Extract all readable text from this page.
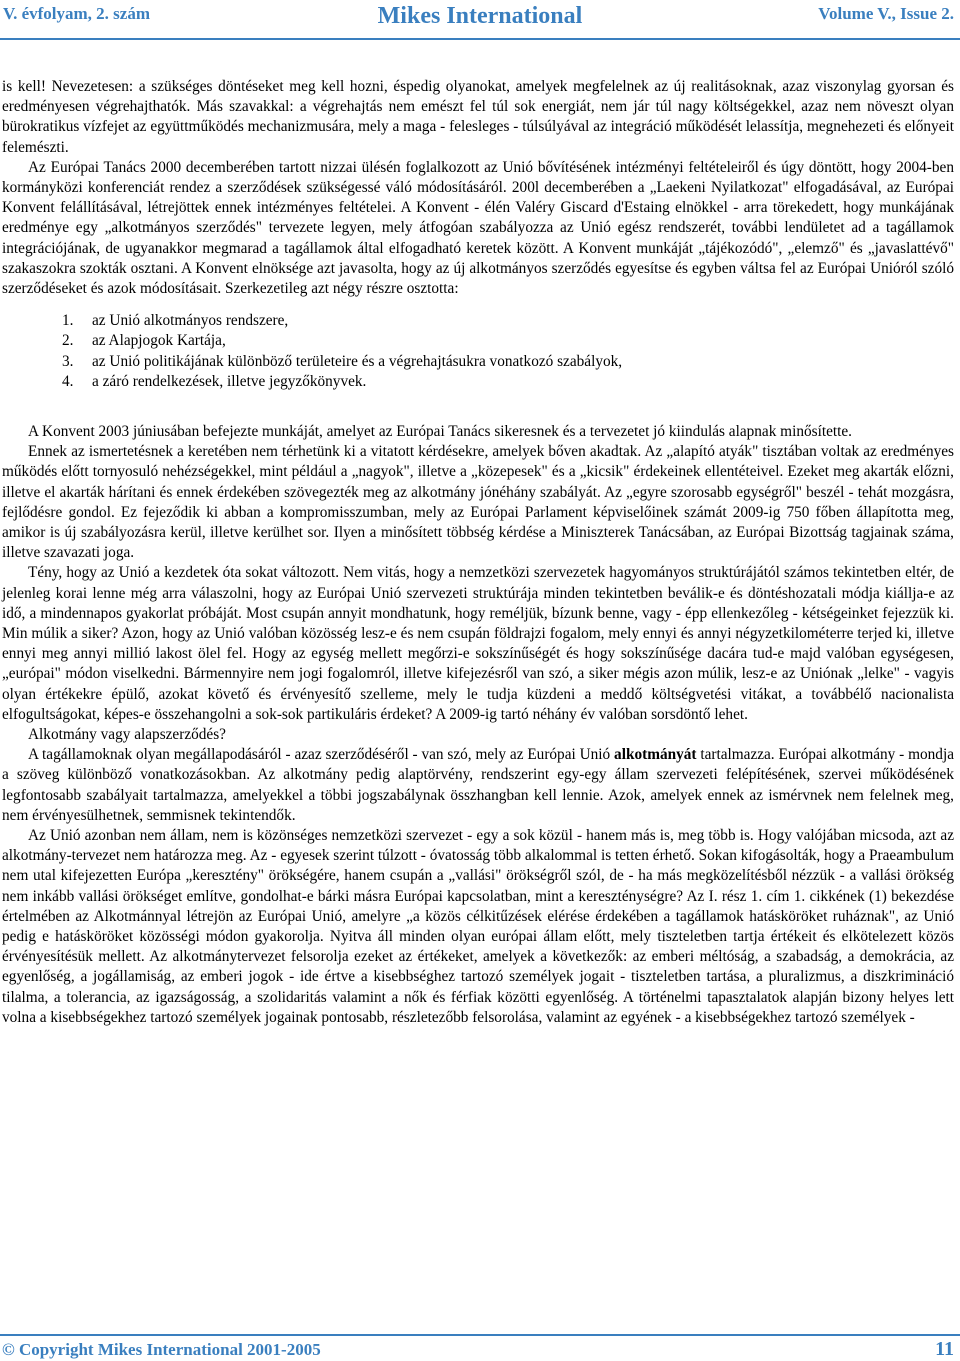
V. évfolyam, 2. szám	Mikes International	Volume V., Issue 2.

is kell! Nevezetesen: a szükséges döntéseket meg kell hozni, éspedig olyanokat, amelyek megfelelnek az új realitásoknak, azaz viszonylag gyorsan és eredményesen végrehajthatók. Más szavakkal: a végrehajtás nem emészt fel túl sok energiát, nem jár túl nagy költségekkel, azaz nem növeszt olyan bürokratikus vízfejet az együttműködés mechanizmusára, mely a maga - felesleges - túlsúlyával az integráció működését lelassítja, megnehezeti és előnyeit felemészti.

Az Európai Tanács 2000 decemberében tartott nizzai ülésén foglalkozott az Unió bővítésének intézményi feltételeiről és úgy döntött, hogy 2004-ben kormányközi konferenciát rendez a szerződések szükségessé váló módosításáról. 200l decemberében a „Laekeni Nyilatkozat" elfogadásával, az Európai Konvent felállításával, létrejöttek ennek intézményes feltételei. A Konvent - élén Valéry Giscard d'Estaing elnökkel - arra törekedett, hogy munkájának eredménye egy „alkotmányos szerződés" tervezete legyen, mely átfogóan szabályozza az Unió egész rendszerét, további lendületet ad a tagállamok integrációjának, de ugyanakkor megmarad a tagállamok által elfogadható keretek között. A Konvent munkáját „tájékozódó", „elemző" és „javaslattévő" szakaszokra szokták osztani. A Konvent elnöksége azt javasolta, hogy az új alkotmányos szerződés egyesítse és egyben váltsa fel az Európai Unióról szóló szerződéseket és azok módosításait. Szerkezetileg azt négy részre osztotta:

1. az Unió alkotmányos rendszere,
2. az Alapjogok Kartája,
3. az Unió politikájának különböző területeire és a végrehajtásukra vonatkozó szabályok,
4. a záró rendelkezések, illetve jegyzőkönyvek.

A Konvent 2003 júniusában befejezte munkáját, amelyet az Európai Tanács sikeresnek és a tervezetet jó kiindulás alapnak minősítette.

Ennek az ismertetésnek a keretében nem térhetünk ki a vitatott kérdésekre, amelyek bőven akadtak. Az „alapító atyák" tisztában voltak az eredményes működés előtt tornyosuló nehézségekkel, mint például a „nagyok", illetve a „közepesek" és a „kicsik" érdekeinek ellentéteivel. Ezeket meg akarták előzni, illetve el akarták hárítani és ennek érdekében szövegezték meg az alkotmány jónéhány szabályát. Az „egyre szorosabb egységről" beszél - tehát mozgásra, fejlődésre gondol. Ez fejeződik ki abban a kompromisszumban, mely az Európai Parlament képviselőinek számát 2009-ig 750 főben állapította meg, amikor is új szabályozásra kerül, illetve kerülhet sor. Ilyen a minősített többség kérdése a Miniszterek Tanácsában, az Európai Bizottság tagjainak száma, illetve szavazati joga.

Tény, hogy az Unió a kezdetek óta sokat változott. Nem vitás, hogy a nemzetközi szervezetek hagyományos struktúrájától számos tekintetben eltér, de jelenleg korai lenne még arra válaszolni, hogy az Európai Unió szervezeti struktúrája minden tekintetben beválik-e és döntéshozatali módja kiállja-e az idő, a mindennapos gyakorlat próbáját. Most csupán annyit mondhatunk, hogy reméljük, bízunk benne, vagy - épp ellenkezőleg - kétségeinket fejezzük ki. Min múlik a siker? Azon, hogy az Unió valóban közösség lesz-e és nem csupán földrajzi fogalom, mely ennyi és annyi négyzetkilométerre terjed ki, illetve ennyi meg annyi millió lakost ölel fel. Hogy az egység mellett megőrzi-e sokszínűségét és hogy sokszínűsége dacára tud-e majd valóban egységesen, „európai" módon viselkedni. Bármennyire nem jogi fogalomról, illetve kifejezésről van szó, a siker mégis azon múlik, lesz-e az Uniónak „lelke" - vagyis olyan értékekre épülő, azokat követő és érvényesítő szelleme, mely le tudja küzdeni a meddő költségvetési vitákat, a továbbélő nacionalista elfogultságokat, képes-e összehangolni a sok-sok partikuláris érdeket? A 2009-ig tartó néhány év valóban sorsdöntő lehet.

Alkotmány vagy alapszerződés?

A tagállamoknak olyan megállapodásáról - azaz szerződéséről - van szó, mely az Európai Unió alkotmányát tartalmazza. Európai alkotmány - mondja a szöveg különböző vonatkozásokban. Az alkotmány pedig alaptörvény, rendszerint egy-egy állam szervezeti felépítésének, szervei működésének legfontosabb szabályait tartalmazza, amelyekkel a többi jogszabálynak összhangban kell lennie. Azok, amelyek ennek az ismérvnek nem felelnek meg, nem érvényesülhetnek, semmisnek tekintendők.

Az Unió azonban nem állam, nem is közönséges nemzetközi szervezet - egy a sok közül - hanem más is, meg több is. Hogy valójában micsoda, azt az alkotmány-tervezet nem határozza meg. Az - egyesek szerint túlzott - óvatosság több alkalommal is tetten érhető. Sokan kifogásolták, hogy a Praeambulum nem utal kifejezetten Európa „keresztény" örökségére, hanem csupán a „vallási" örökségről szól, de - ha más megközelítésből nézzük - a vallási örökség nem inkább vallási örökséget említve, gondolhat-e bárki másra Európai kapcsolatban, mint a kereszténységre? Az I. rész 1. cím 1. cikkének (1) bekezdése értelmében az Alkotmánnyal létrejön az Európai Unió, amelyre „a közös célkitűzések elérése érdekében a tagállamok hatásköröket ruháznak", az Unió pedig e hatásköröket közösségi módon gyakorolja. Nyitva áll minden olyan európai állam előtt, mely tiszteletben tartja értékeit és elkötelezett közös érvényesítésük mellett. Az alkotmánytervezet felsorolja ezeket az értékeket, amelyek a következők: az emberi méltóság, a szabadság, a demokrácia, az egyenlőség, a jogállamiság, az emberi jogok - ide értve a kisebbséghez tartozó személyek jogait - tiszteletben tartása, a pluralizmus, a diszkrimináció tilalma, a tolerancia, az igazságosság, a szolidaritás valamint a nők és férfiak közötti egyenlőség. A történelmi tapasztalatok alapján bizony helyes lett volna a kisebbségekhez tartozó személyek jogainak pontosabb, részletezőbb felsorolása, valamint az egyének - a kisebbségekhez tartozó személyek -

© Copyright Mikes International 2001-2005	11
